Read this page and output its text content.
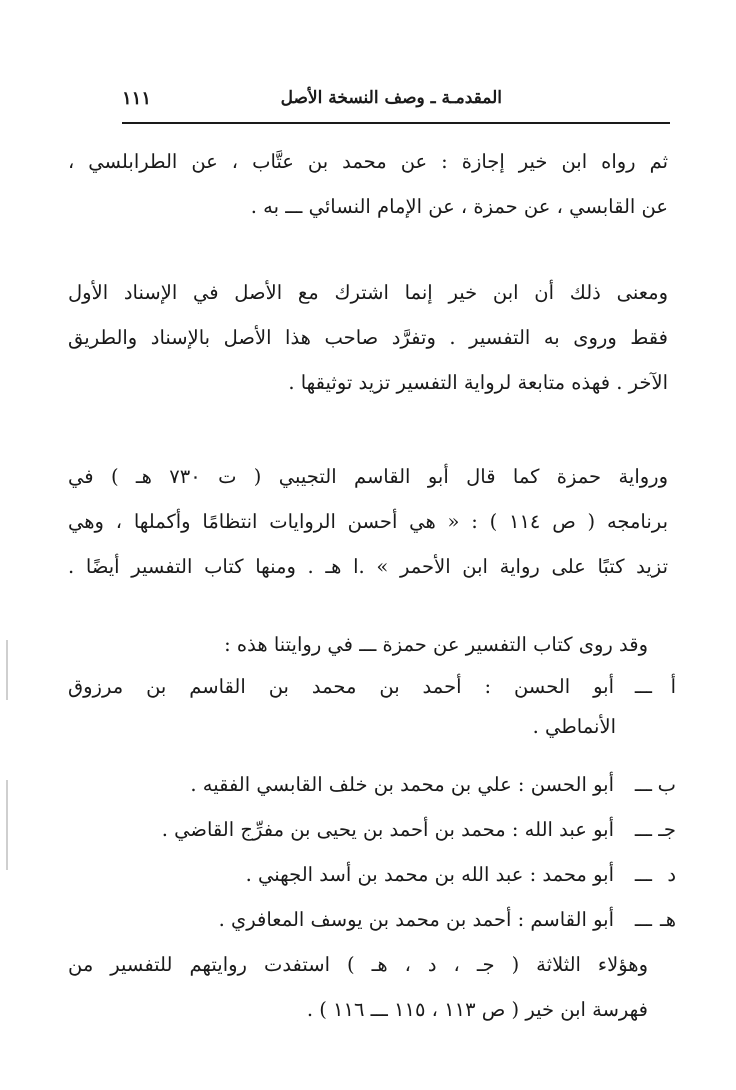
المقدمـة ـ وصف النسخة الأصل
١١١
ثم رواه ابن خير إجازة : عن محمد بن عتَّاب ، عن الطرابلسي ،
عن القابسي ، عن حمزة ، عن الإمام النسائي ـــ به .
ومعنى ذلك أن ابن خير إنما اشترك مع الأصل في الإسناد الأول
فقط وروى به التفسير . وتفرَّد صاحب هذا الأصل بالإسناد والطريق
الآخر . فهذه متابعة لرواية التفسير تزيد توثيقها .
ورواية حمزة كما قال أبو القاسم التجيبي ( ت ٧٣٠ هـ ) في
برنامجه ( ص ١١٤ ) : « هي أحسن الروايات انتظامًا وأكملها ، وهي
تزيد كتبًا على رواية ابن الأحمر » .ا هـ . ومنها كتاب التفسير أيضًا .
وقد روى كتاب التفسير عن حمزة ـــ في روايتنا هذه :
أ
ـــ
أبو الحسن : أحمد بن محمد بن القاسم بن مرزوق
الأنماطي .
ب
ـــ
أبو الحسن : علي بن محمد بن خلف القابسي الفقيه .
جـ
ـــ
أبو عبد الله : محمد بن أحمد بن يحيى بن مفرِّج القاضي .
د
ـــ
أبو محمد : عبد الله بن محمد بن أسد الجهني .
هـ
ـــ
أبو القاسم : أحمد بن محمد بن يوسف المعافري .
وهؤلاء الثلاثة ( جـ ، د ، هـ ) استفدت روايتهم للتفسير من
فهرسة ابن خير ( ص ١١٣ ، ١١٥ ـــ ١١٦ ) .
